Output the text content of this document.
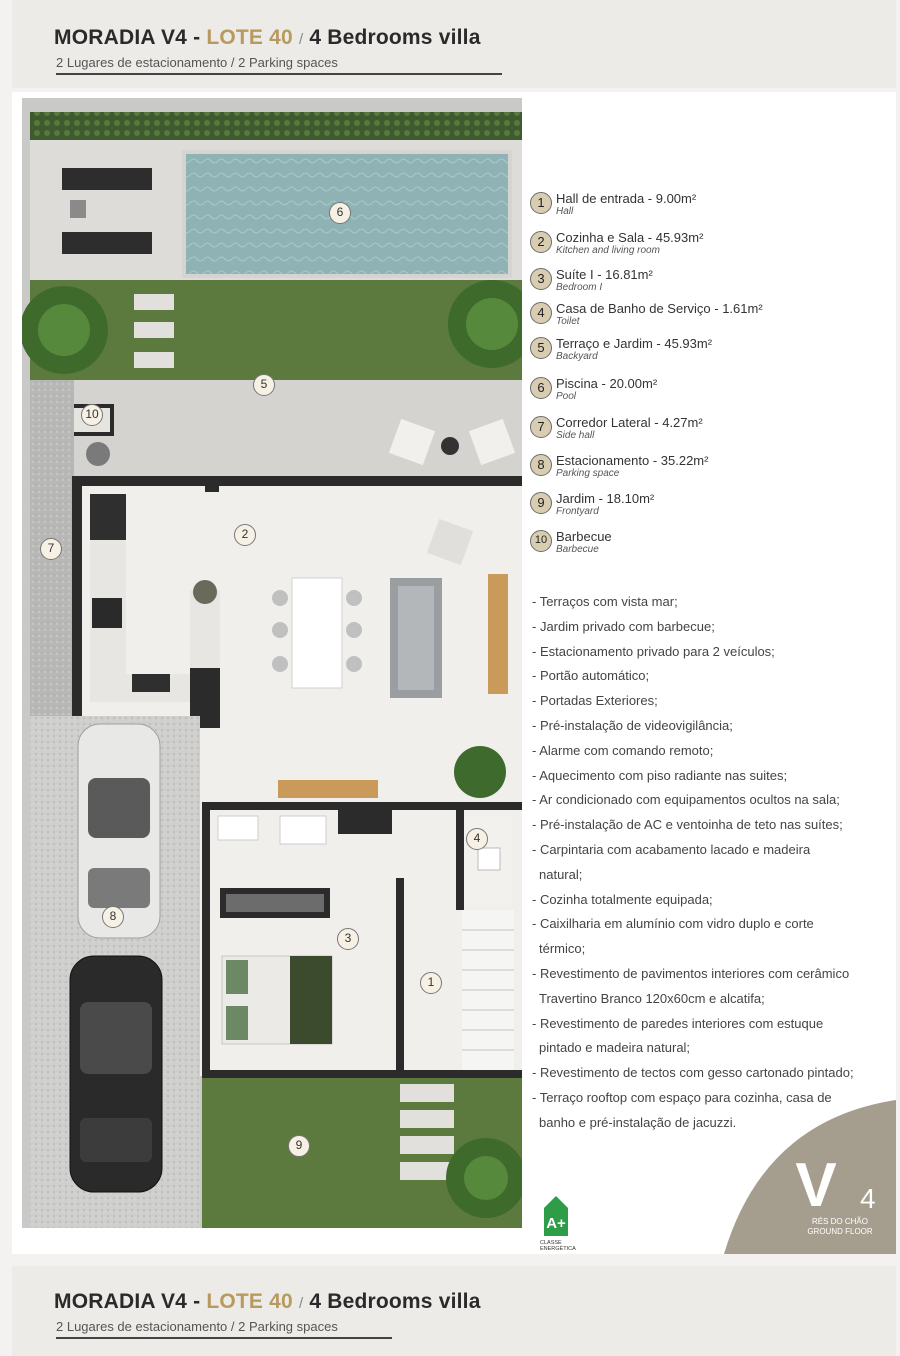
MORADIA V4 - LOTE 40 / 4 Bedrooms villa
2 Lugares de estacionamento / 2 Parking spaces
6
5
10
2
7
4
3
1
8
9
1 Hall de entrada - 9.00m²
Hall
2 Cozinha e Sala - 45.93m²
Kitchen and living room
3 Suíte I - 16.81m²
Bedroom I
4 Casa de Banho de Serviço - 1.61m²
Toilet
5 Terraço e Jardim - 45.93m²
Backyard
6 Piscina - 20.00m²
Pool
7 Corredor Lateral - 4.27m²
Side hall
8 Estacionamento - 35.22m²
Parking space
9 Jardim - 18.10m²
Frontyard
10 Barbecue
Barbecue
- Terraços com vista mar;
- Jardim privado com barbecue;
- Estacionamento privado para 2 veículos;
- Portão automático;
- Portadas Exteriores;
- Pré-instalação de videovigilância;
- Alarme com comando remoto;
- Aquecimento com piso radiante nas suites;
- Ar condicionado com equipamentos ocultos na sala;
- Pré-instalação de AC e ventoinha de teto nas suítes;
- Carpintaria com acabamento lacado e madeira
natural;
- Cozinha totalmente equipada;
- Caixilharia em alumínio com vidro duplo e corte
térmico;
- Revestimento de pavimentos interiores com cerâmico
Travertino Branco 120x60cm e alcatifa;
- Revestimento de paredes interiores com estuque
pintado e madeira natural;
- Revestimento de tectos com gesso cartonado pintado;
- Terraço rooftop com espaço para cozinha, casa de
banho e pré-instalação de jacuzzi.
A+
CLASSE
ENERGÉTICA
V 4
RÉS DO CHÃO
GROUND FLOOR
MORADIA V4 - LOTE 40 / 4 Bedrooms villa
2 Lugares de estacionamento / 2 Parking spaces
